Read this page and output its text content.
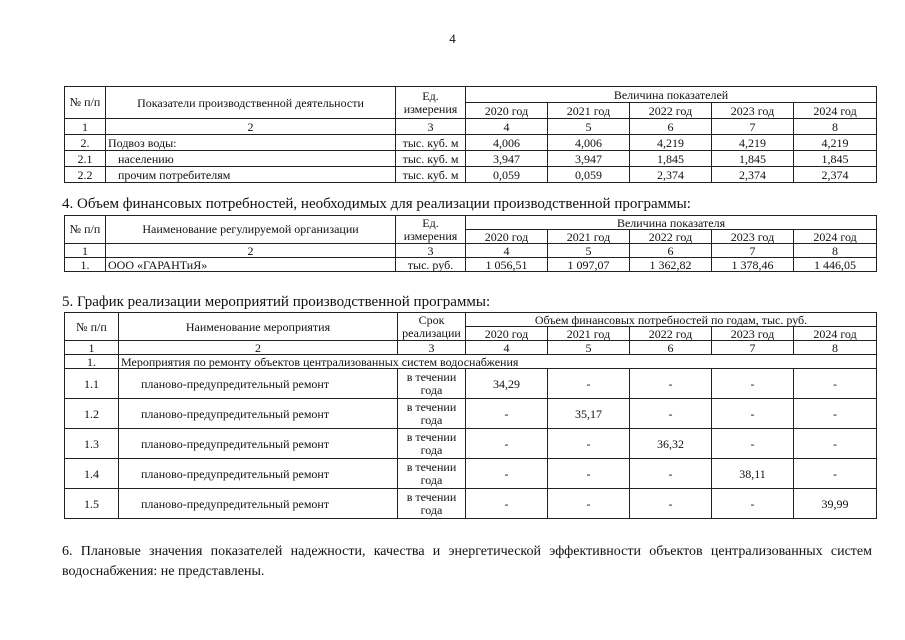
4
№ п/п	Показатели производственной деятельности	Ед. измерения	Величина показателей				
			2020 год	2021 год	2022 год	2023 год	2024 год
1	2	3	4	5	6	7	8
2.	Подвоз воды:	тыс. куб. м	4,006	4,006	4,219	4,219	4,219
2.1	населению	тыс. куб. м	3,947	3,947	1,845	1,845	1,845
2.2	прочим потребителям	тыс. куб. м	0,059	0,059	2,374	2,374	2,374
4. Объем финансовых потребностей, необходимых для реализации производственной программы:
№ п/п	Наименование регулируемой организации	Ед. измерения	Величина показателя				
			2020 год	2021 год	2022 год	2023 год	2024 год
1	2	3	4	5	6	7	8
1.	ООО «ГАРАНТиЯ»	тыс. руб.	1 056,51	1 097,07	1 362,82	1 378,46	1 446,05
5. График реализации мероприятий производственной программы:
№ п/п	Наименование мероприятия	Срок реализации	Объем финансовых потребностей по годам, тыс. руб.				
			2020 год	2021 год	2022 год	2023 год	2024 год
1	2	3	4	5	6	7	8
1.	Мероприятия по ремонту объектов централизованных систем водоснабжения						
1.1	планово-предупредительный ремонт	в течении года	34,29	-	-	-	-
1.2	планово-предупредительный ремонт	в течении года	-	35,17	-	-	-
1.3	планово-предупредительный ремонт	в течении года	-	-	36,32	-	-
1.4	планово-предупредительный ремонт	в течении года	-	-	-	38,11	-
1.5	планово-предупредительный ремонт	в течении года	-	-	-	-	39,99
6. Плановые значения показателей надежности, качества и энергетической эффективности объектов централизованных систем водоснабжения: не представлены.
